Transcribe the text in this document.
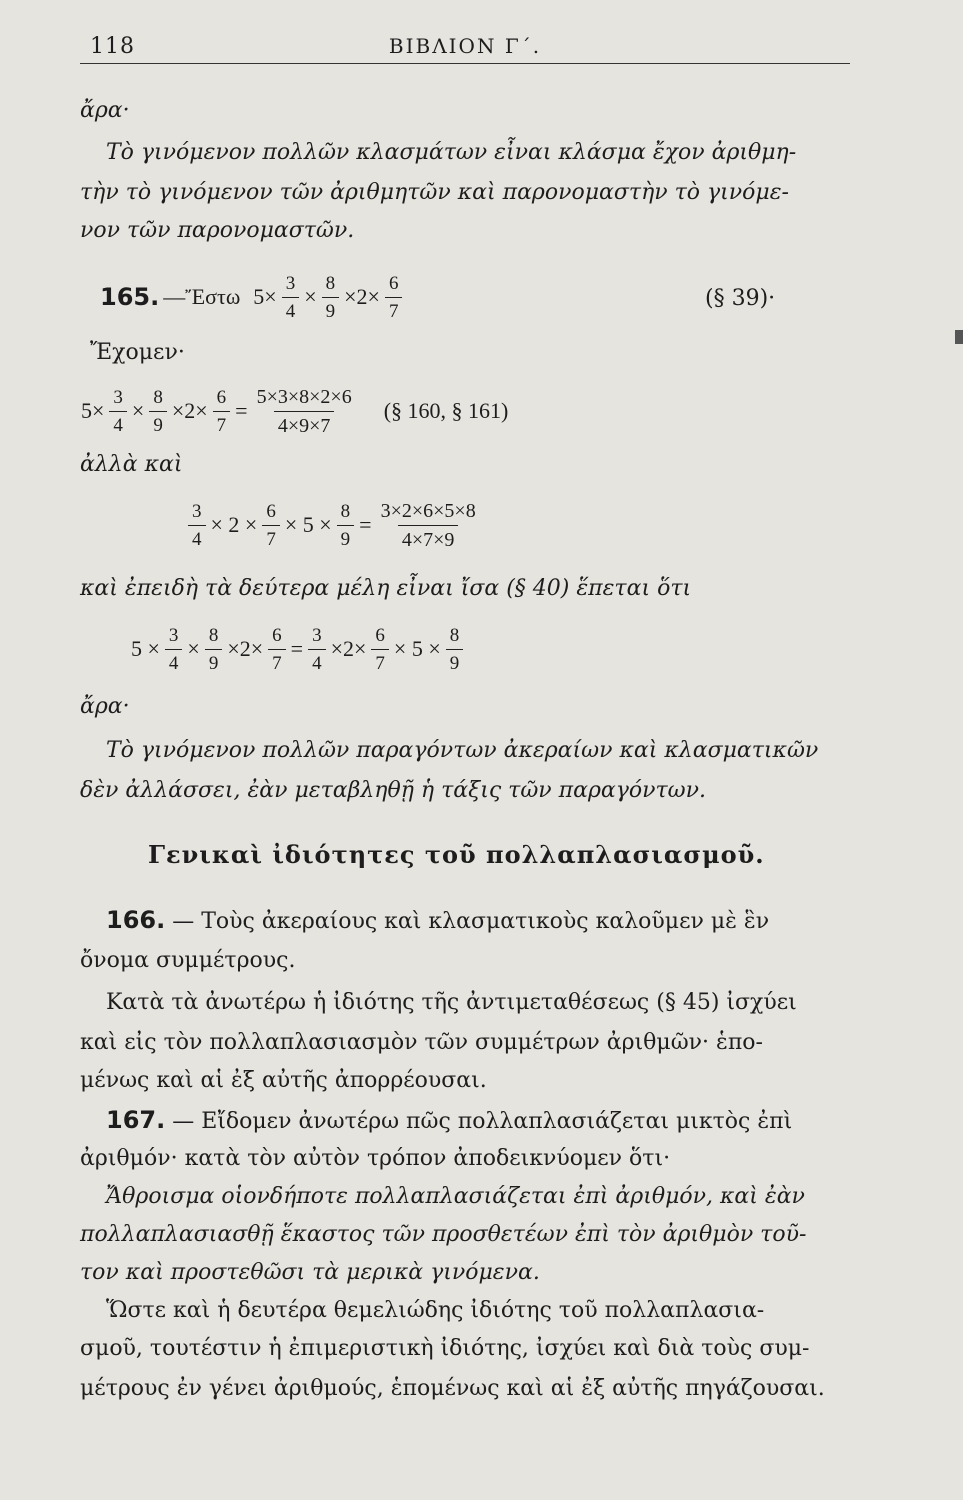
118	ΒΙΒΛΙΟΝ Γ΄.
ἄρα·
Τὸ γινόμενον πολλῶν κλασμάτων εἶναι κλάσμα ἔχον ἀριθμη-
τὴν τὸ γινόμενον τῶν ἀριθμητῶν καὶ παρονομαστὴν τὸ γινόμε-
νον τῶν παρονομαστῶν.
165. —Ἔστω $5\times \frac{3}{4} \times \frac{8}{9} \times 2\times \frac{6}{7}$	(§ 39)·
Ἔχομεν·
$5\times \frac{3}{4} \times \frac{8}{9} \times 2\times \frac{6}{7} = \frac{5\times 3\times 8\times 2\times 6}{4\times 9\times 7}$ (§ 160, § 161)
ἀλλὰ καὶ
$\frac{3}{4} \times 2 \times \frac{6}{7} \times 5 \times \frac{8}{9} = \frac{3\times 2\times 6\times 5\times 8}{4\times 7\times 9}$
καὶ ἐπειδὴ τὰ δεύτερα μέλη εἶναι ἴσα (§ 40) ἕπεται ὅτι
$5 \times \frac{3}{4} \times \frac{8}{9} \times 2\times \frac{6}{7} = \frac{3}{4} \times 2\times \frac{6}{7} \times 5 \times \frac{8}{9}$
ἄρα·
Τὸ γινόμενον πολλῶν παραγόντων ἀκεραίων καὶ κλασματικῶν
δὲν ἀλλάσσει, ἐὰν μεταβληθῇ ἡ τάξις τῶν παραγόντων.
Γενικαὶ ἰδιότητες τοῦ πολλαπλασιασμοῦ.
166. — Τοὺς ἀκεραίους καὶ κλασματικοὺς καλοῦμεν μὲ ἓν
ὄνομα συμμέτρους.
Κατὰ τὰ ἀνωτέρω ἡ ἰδιότης τῆς ἀντιμεταθέσεως (§ 45) ἰσχύει
καὶ εἰς τὸν πολλαπλασιασμὸν τῶν συμμέτρων ἀριθμῶν· ἑπο-
μένως καὶ αἱ ἐξ αὐτῆς ἀπορρέουσαι.
167. — Εἴδομεν ἀνωτέρω πῶς πολλαπλασιάζεται μικτὸς ἐπὶ
ἀριθμόν· κατὰ τὸν αὐτὸν τρόπον ἀποδεικνύομεν ὅτι·
Ἄθροισμα οἱονδήποτε πολλαπλασιάζεται ἐπὶ ἀριθμόν, καὶ ἐὰν
πολλαπλασιασθῇ ἕκαστος τῶν προσθετέων ἐπὶ τὸν ἀριθμὸν τοῦ-
τον καὶ προστεθῶσι τὰ μερικὰ γινόμενα.
Ὥστε καὶ ἡ δευτέρα θεμελιώδης ἰδιότης τοῦ πολλαπλασια-
σμοῦ, τουτέστιν ἡ ἐπιμεριστικὴ ἰδιότης, ἰσχύει καὶ διὰ τοὺς συμ-
μέτρους ἐν γένει ἀριθμούς, ἑπομένως καὶ αἱ ἐξ αὐτῆς πηγάζουσαι.
